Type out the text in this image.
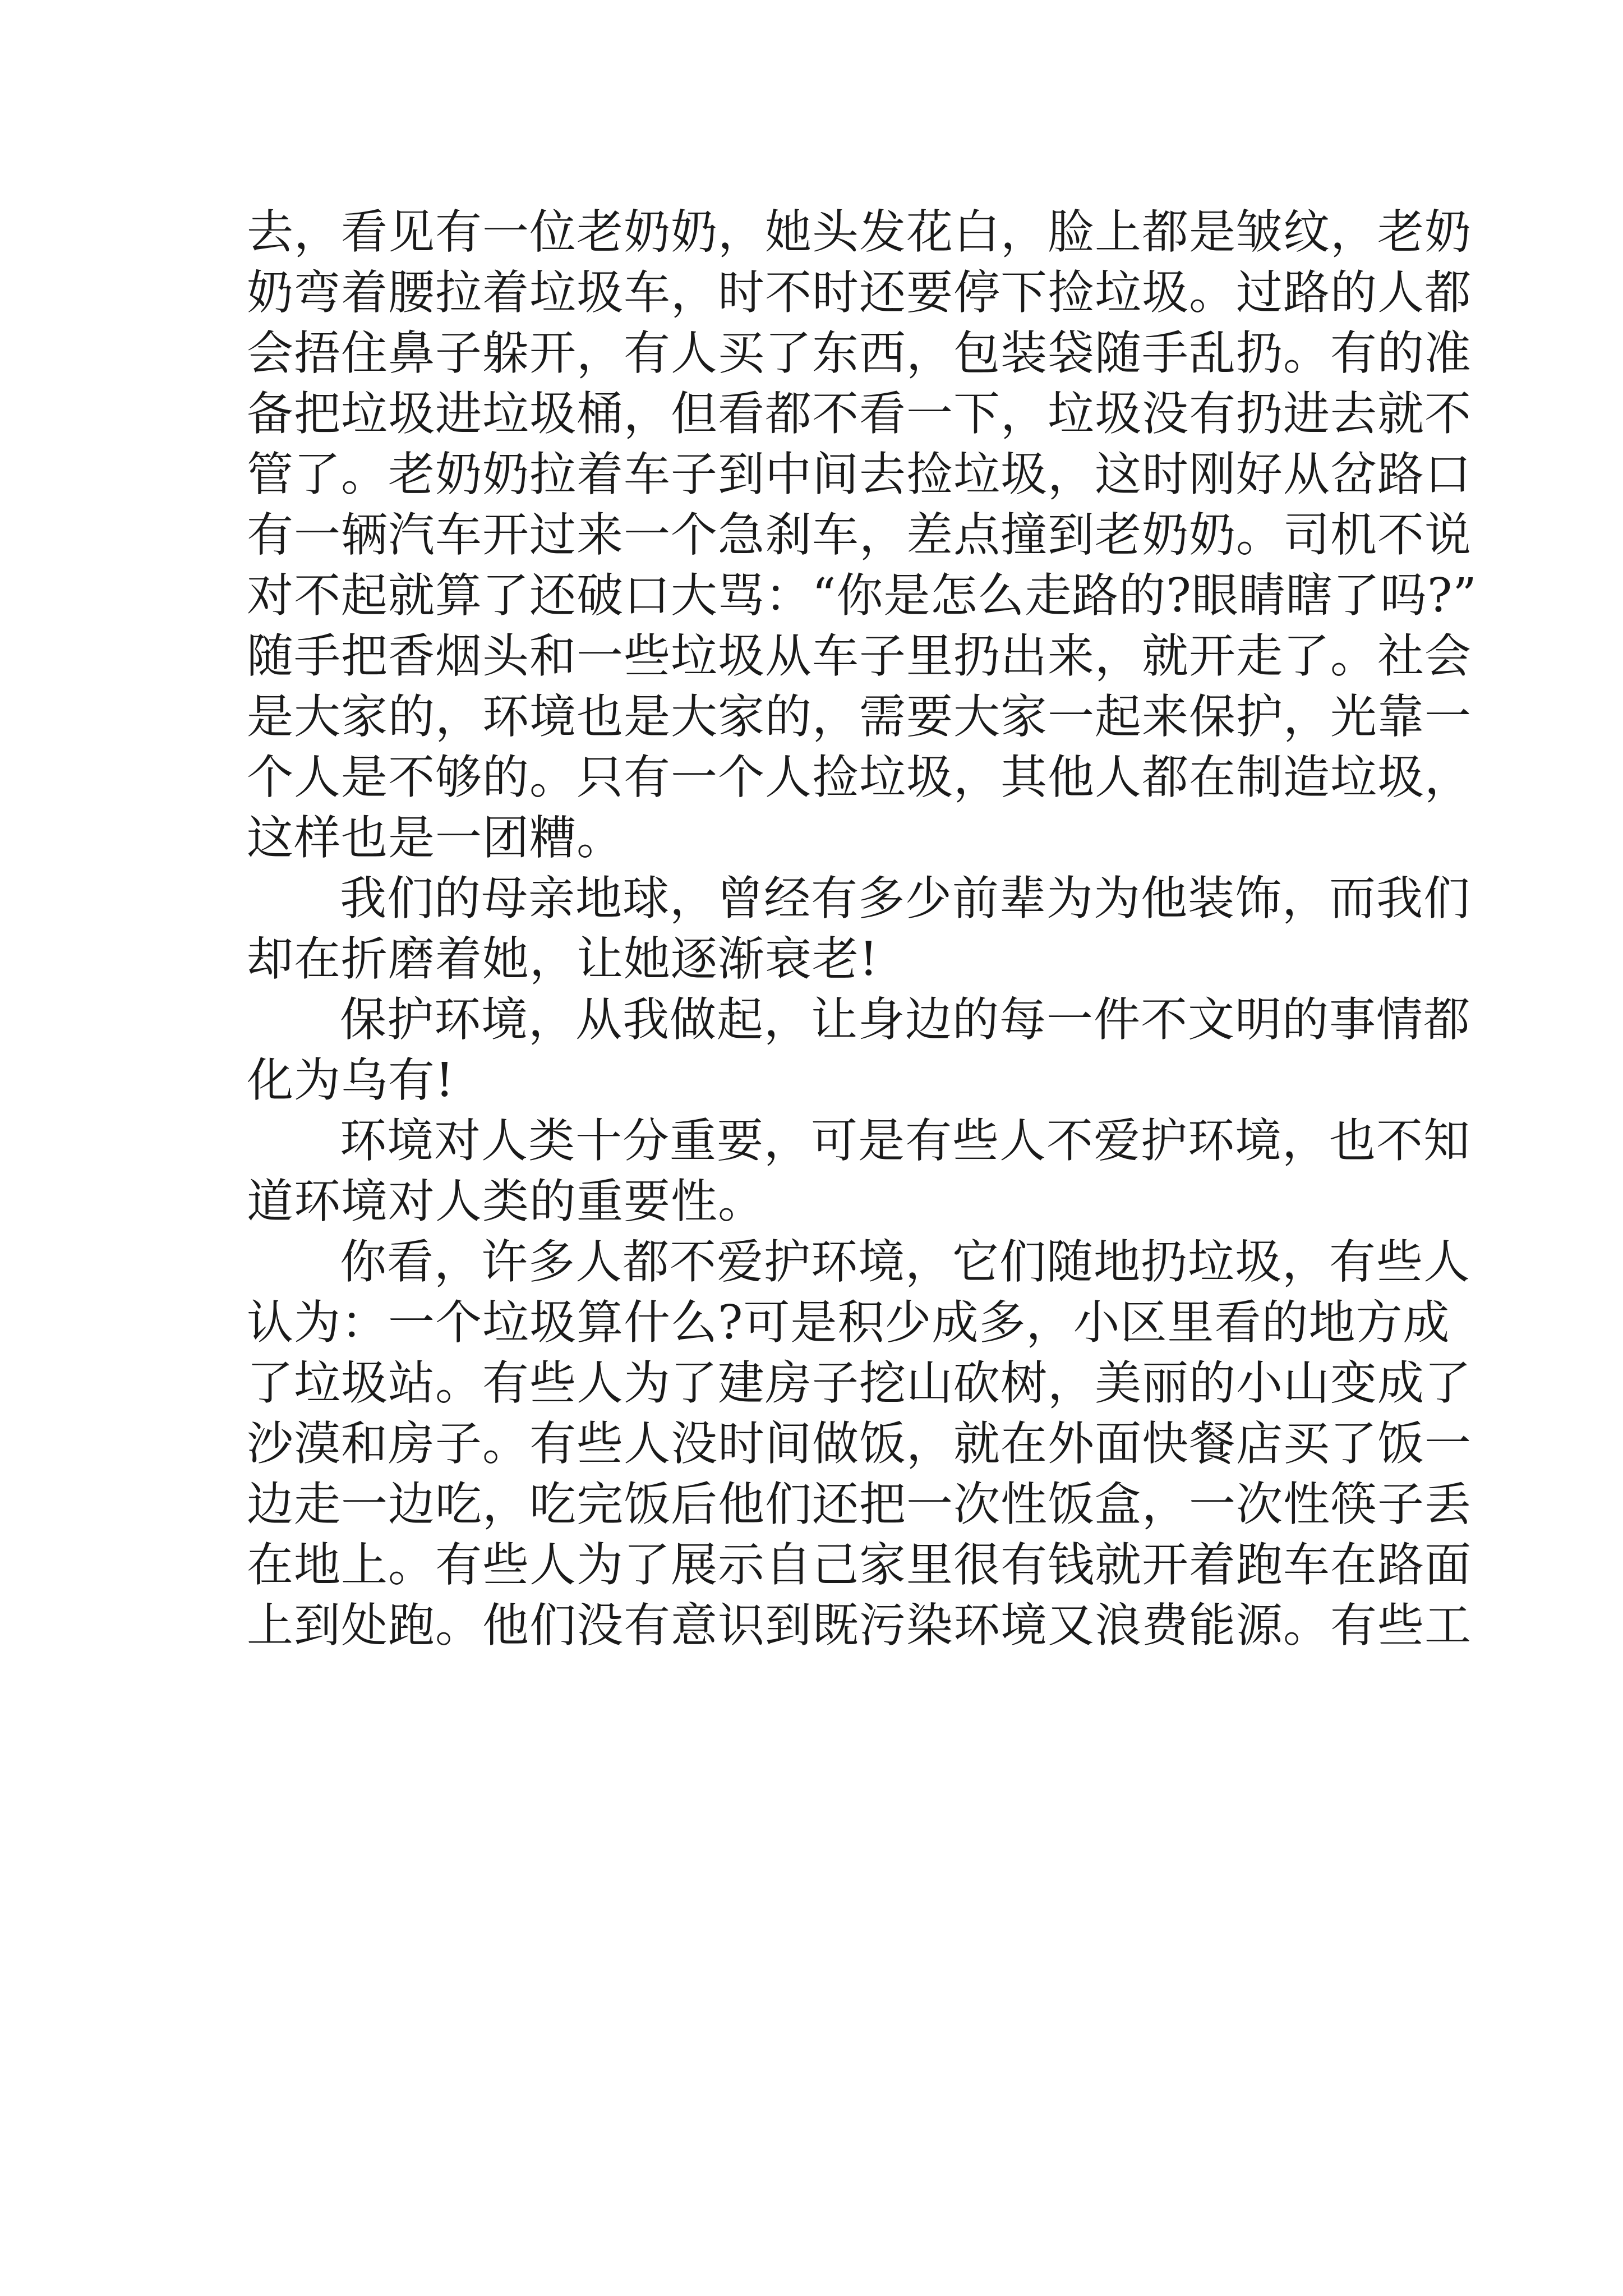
去，看见有一位老奶奶，她头发花白，脸上都是皱纹，老奶
奶弯着腰拉着垃圾车，时不时还要停下捡垃圾。过路的人都
会捂住鼻子躲开，有人买了东西，包装袋随手乱扔。有的准
备把垃圾进垃圾桶，但看都不看一下，垃圾没有扔进去就不
管了。老奶奶拉着车子到中间去捡垃圾，这时刚好从岔路口
有一辆汽车开过来一个急刹车，差点撞到老奶奶。司机不说
对不起就算了还破口大骂：“你是怎么走路的?眼睛瞎了吗?”
随手把香烟头和一些垃圾从车子里扔出来，就开走了。社会
是大家的，环境也是大家的，需要大家一起来保护，光靠一
个人是不够的。只有一个人捡垃圾，其他人都在制造垃圾，
这样也是一团糟。
我们的母亲地球，曾经有多少前辈为为他装饰，而我们
却在折磨着她，让她逐渐衰老!
保护环境，从我做起，让身边的每一件不文明的事情都
化为乌有!
环境对人类十分重要，可是有些人不爱护环境，也不知
道环境对人类的重要性。
你看，许多人都不爱护环境，它们随地扔垃圾，有些人
认为：一个垃圾算什么?可是积少成多，小区里看的地方成
了垃圾站。有些人为了建房子挖山砍树，美丽的小山变成了
沙漠和房子。有些人没时间做饭，就在外面快餐店买了饭一
边走一边吃，吃完饭后他们还把一次性饭盒，一次性筷子丢
在地上。有些人为了展示自己家里很有钱就开着跑车在路面
上到处跑。他们没有意识到既污染环境又浪费能源。有些工
